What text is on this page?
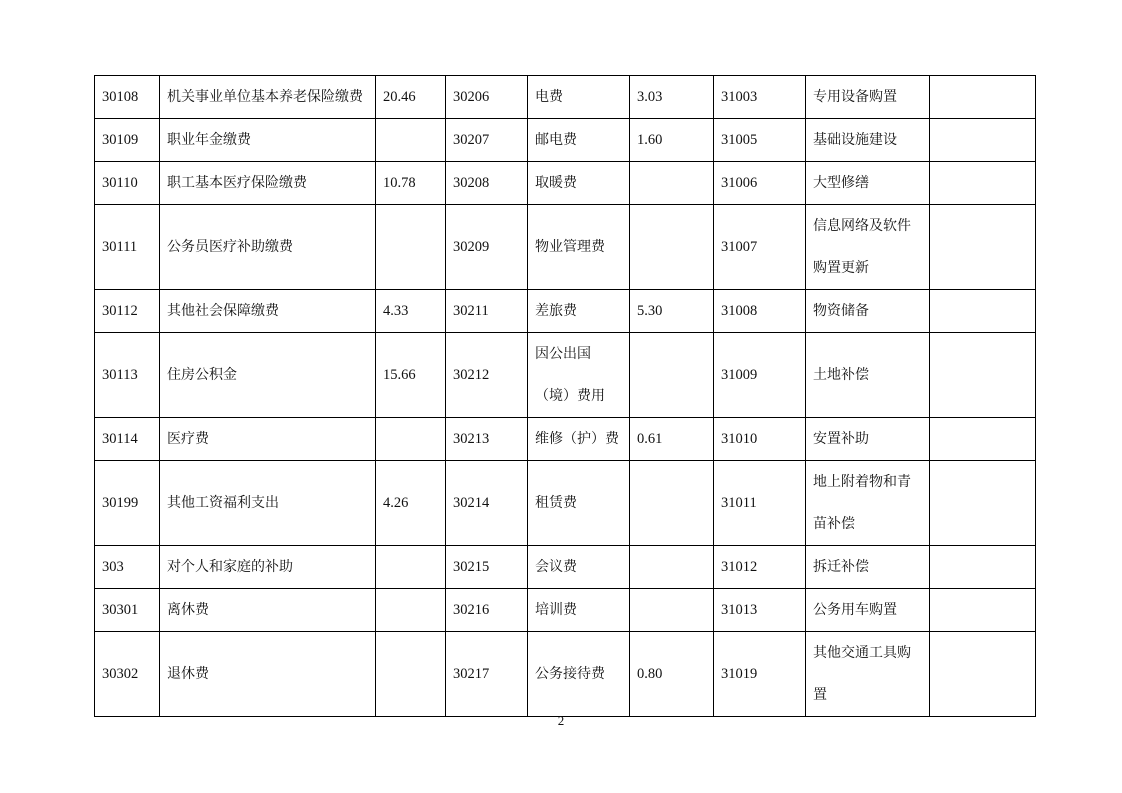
30108	机关事业单位基本养老保险缴费	20.46	30206	电费	3.03	31003	专用设备购置	
30109	职业年金缴费		30207	邮电费	1.60	31005	基础设施建设	
30110	职工基本医疗保险缴费	10.78	30208	取暖费		31006	大型修缮	
30111	公务员医疗补助缴费		30209	物业管理费		31007	信息网络及软件购置更新	
30112	其他社会保障缴费	4.33	30211	差旅费	5.30	31008	物资储备	
30113	住房公积金	15.66	30212	因公出国（境）费用		31009	土地补偿	
30114	医疗费		30213	维修（护）费	0.61	31010	安置补助	
30199	其他工资福利支出	4.26	30214	租赁费		31011	地上附着物和青苗补偿	
303	对个人和家庭的补助		30215	会议费		31012	拆迁补偿	
30301	离休费		30216	培训费		31013	公务用车购置	
30302	退休费		30217	公务接待费	0.80	31019	其他交通工具购置	
2
